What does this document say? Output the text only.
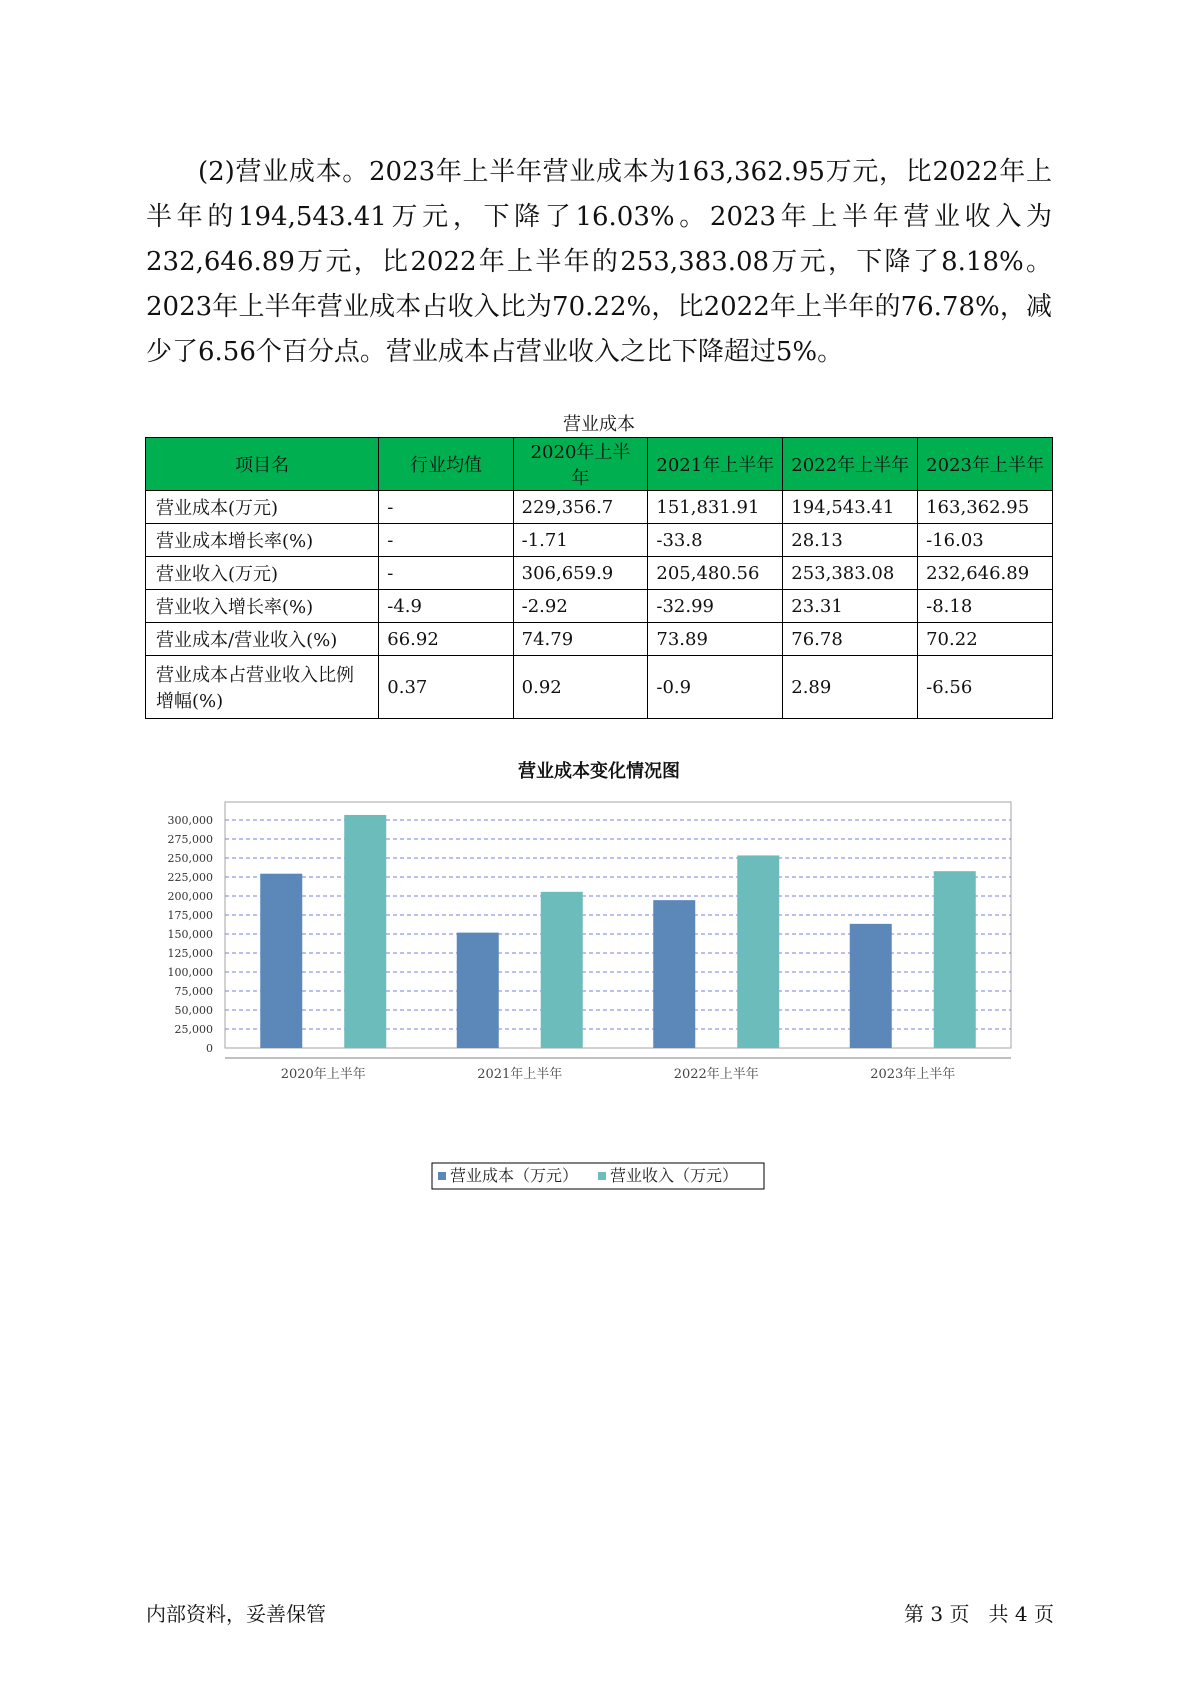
(2)营业成本。2023年上半年营业成本为163,362.95万元，比2022年上半年的194,543.41万元，下降了16.03%。2023年上半年营业收入为232,646.89万元，比2022年上半年的253,383.08万元，下降了8.18%。2023年上半年营业成本占收入比为70.22%，比2022年上半年的76.78%，减少了6.56个百分点。营业成本占营业收入之比下降超过5%。

营业成本
项目名	行业均值	2020年上半年	2021年上半年	2022年上半年	2023年上半年
营业成本(万元)	-	229,356.7	151,831.91	194,543.41	163,362.95
营业成本增长率(%)	-	-1.71	-33.8	28.13	-16.03
营业收入(万元)	-	306,659.9	205,480.56	253,383.08	232,646.89
营业收入增长率(%)	-4.9	-2.92	-32.99	23.31	-8.18
营业成本/营业收入(%)	66.92	74.79	73.89	76.78	70.22
营业成本占营业收入比例增幅(%)	0.37	0.92	-0.9	2.89	-6.56
营业成本变化情况图
0
25,000
50,000
75,000
100,000
125,000
150,000
175,000
200,000
225,000
250,000
275,000
300,000
2020年上半年	2021年上半年	2022年上半年	2023年上半年
营业成本（万元） 营业收入（万元）
内部资料，妥善保管	第 3 页 共 4 页
